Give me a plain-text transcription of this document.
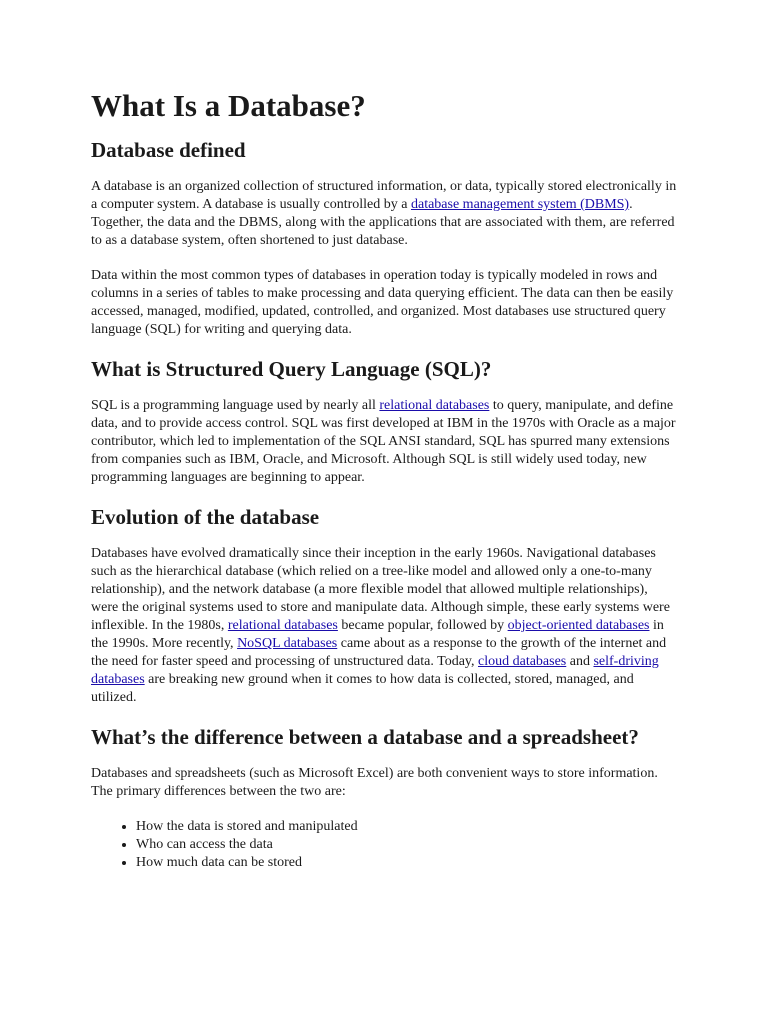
What Is a Database?
Database defined

A database is an organized collection of structured information, or data, typically stored electronically in a computer system. A database is usually controlled by a database management system (DBMS). Together, the data and the DBMS, along with the applications that are associated with them, are referred to as a database system, often shortened to just database.

Data within the most common types of databases in operation today is typically modeled in rows and columns in a series of tables to make processing and data querying efficient. The data can then be easily accessed, managed, modified, updated, controlled, and organized. Most databases use structured query language (SQL) for writing and querying data.

What is Structured Query Language (SQL)?

SQL is a programming language used by nearly all relational databases to query, manipulate, and define data, and to provide access control. SQL was first developed at IBM in the 1970s with Oracle as a major contributor, which led to implementation of the SQL ANSI standard, SQL has spurred many extensions from companies such as IBM, Oracle, and Microsoft. Although SQL is still widely used today, new programming languages are beginning to appear.

Evolution of the database

Databases have evolved dramatically since their inception in the early 1960s. Navigational databases such as the hierarchical database (which relied on a tree-like model and allowed only a one-to-many relationship), and the network database (a more flexible model that allowed multiple relationships), were the original systems used to store and manipulate data. Although simple, these early systems were inflexible. In the 1980s, relational databases became popular, followed by object-oriented databases in the 1990s. More recently, NoSQL databases came about as a response to the growth of the internet and the need for faster speed and processing of unstructured data. Today, cloud databases and self-driving databases are breaking new ground when it comes to how data is collected, stored, managed, and utilized.

What’s the difference between a database and a spreadsheet?

Databases and spreadsheets (such as Microsoft Excel) are both convenient ways to store information. The primary differences between the two are:

• How the data is stored and manipulated
• Who can access the data
• How much data can be stored
